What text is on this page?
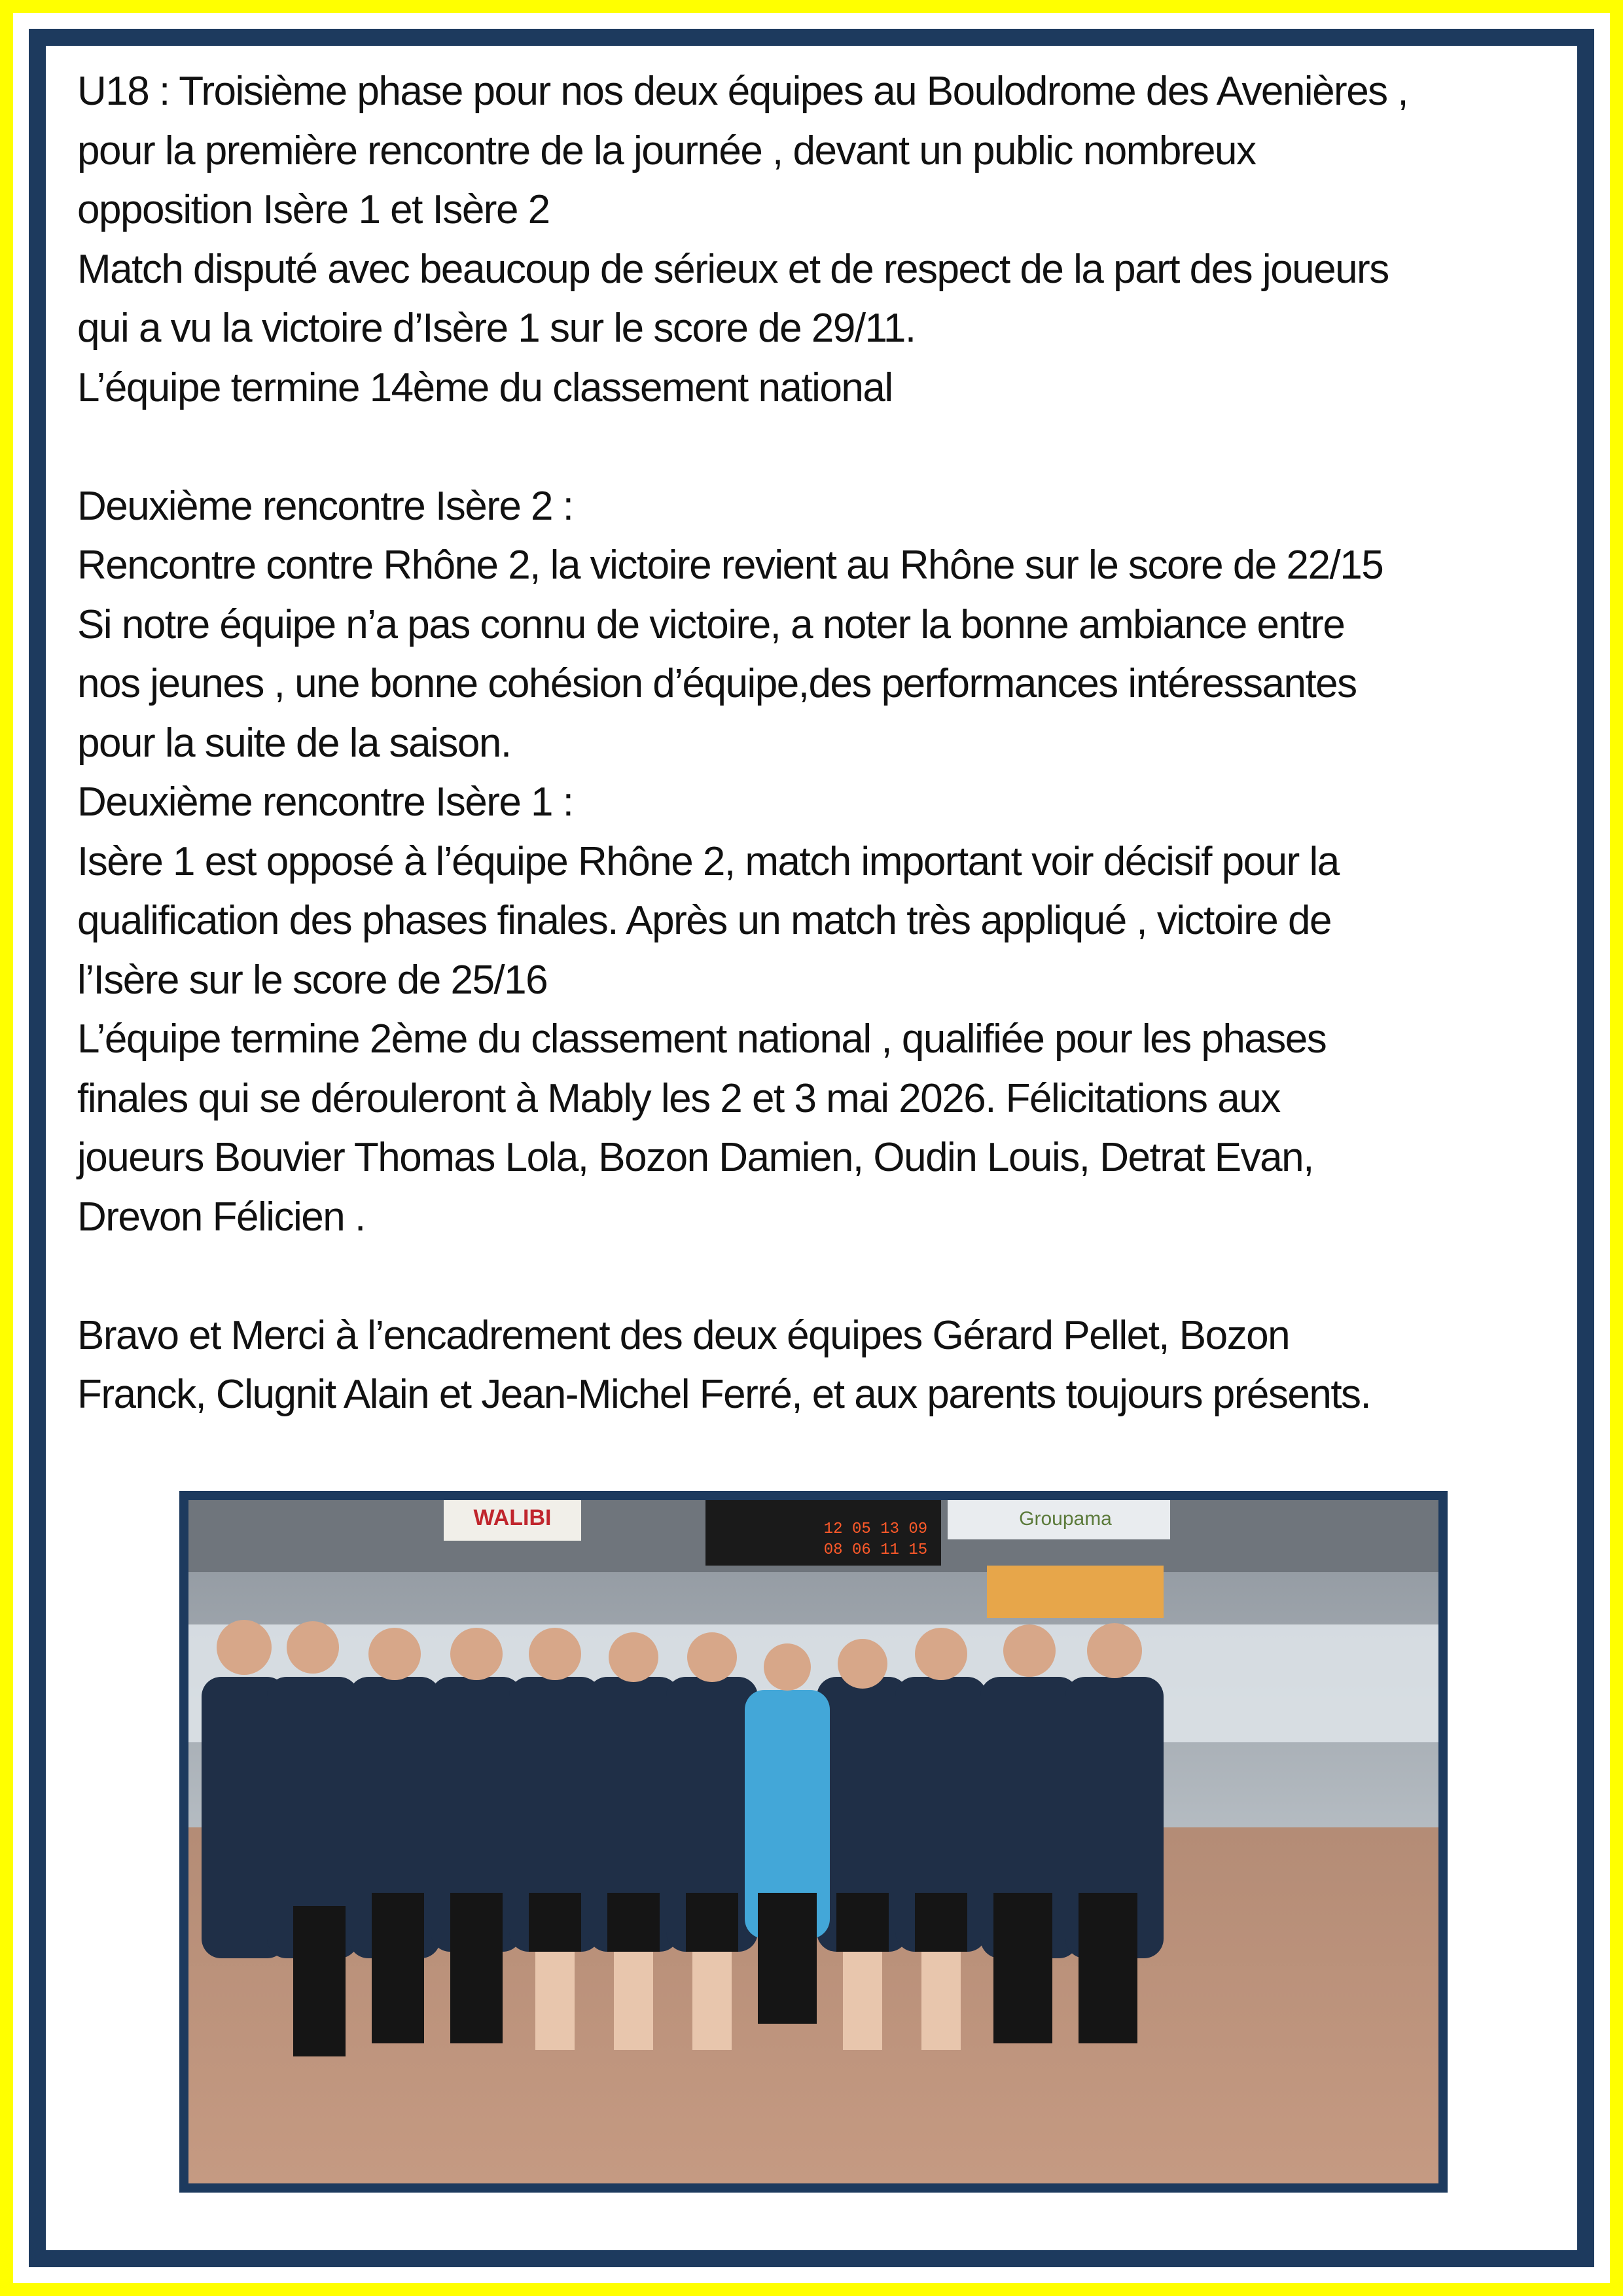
U18 : Troisième phase pour nos deux équipes au Boulodrome des Avenières ,
pour la première rencontre de la journée , devant un public nombreux
opposition Isère 1 et Isère 2
Match disputé avec beaucoup de sérieux et de respect de la part des joueurs
qui a vu la victoire d’Isère 1 sur le score de 29/11.
L’équipe termine 14ème du classement national
Deuxième rencontre Isère 2 :
Rencontre contre Rhône 2, la victoire revient au Rhône sur le score de 22/15
Si notre équipe n’a pas connu de victoire, a noter la bonne ambiance entre
nos jeunes , une bonne cohésion d’équipe,des performances intéressantes
pour la suite de la saison.
Deuxième rencontre Isère 1 :
Isère 1 est opposé à l’équipe Rhône 2, match important voir décisif pour la
qualification des phases finales. Après un match très appliqué , victoire de
l’Isère sur le score de 25/16
L’équipe termine 2ème du classement national , qualifiée pour les phases
finales qui se dérouleront à Mably les 2 et 3 mai 2026. Félicitations aux
joueurs Bouvier Thomas Lola, Bozon Damien, Oudin Louis, Detrat Evan,
Drevon Félicien .
Bravo et Merci à l’encadrement des deux équipes Gérard Pellet, Bozon
Franck, Clugnit Alain et Jean-Michel Ferré, et aux parents toujours présents.
WALIBI	12 05 13 09
08 06 11 15
Groupama
